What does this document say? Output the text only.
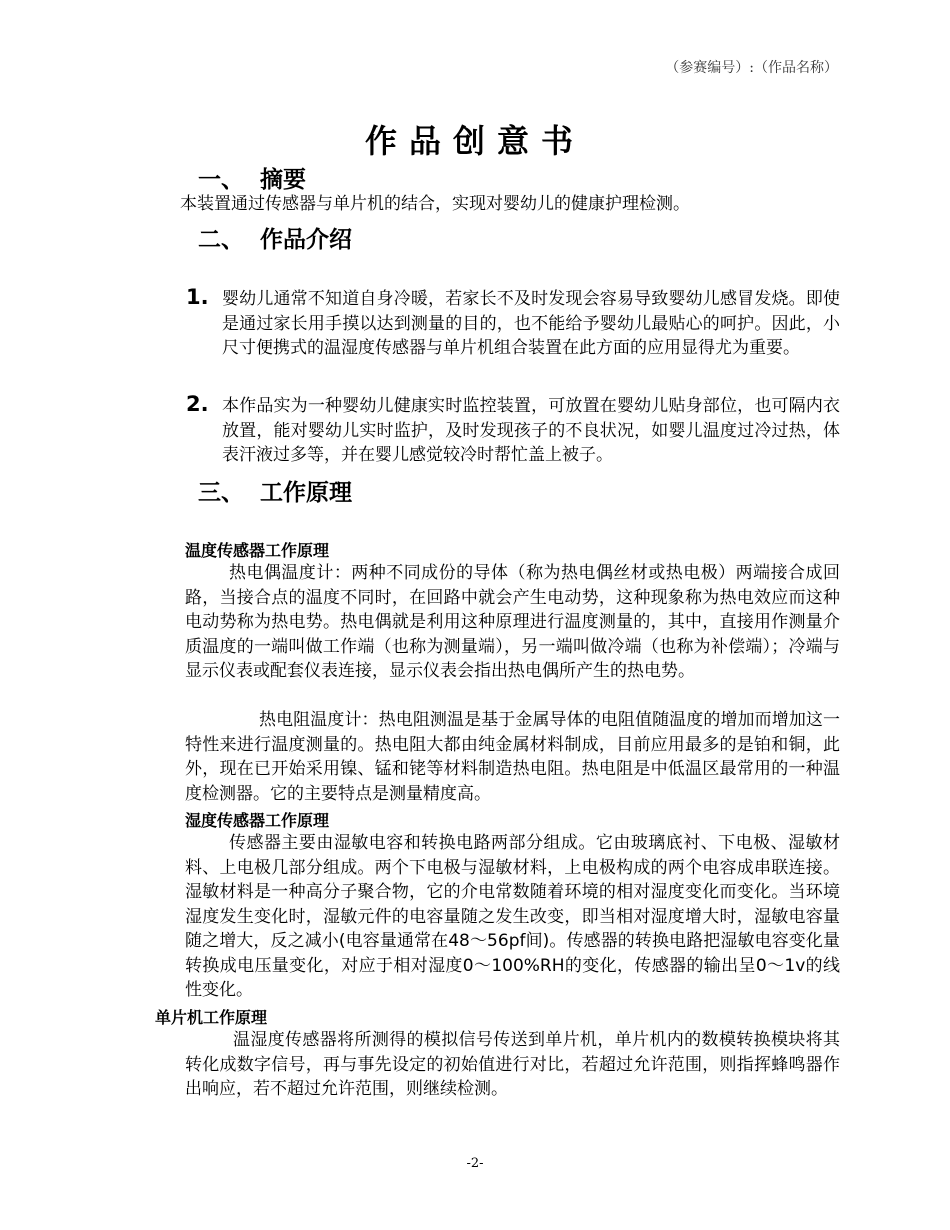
（参赛编号）:（作品名称）
作品创意书
一、 摘要
本装置通过传感器与单片机的结合，实现对婴幼儿的健康护理检测。
二、 作品介绍
1. 婴幼儿通常不知道自身冷暖，若家长不及时发现会容易导致婴幼儿感冒发烧。即使是通过家长用手摸以达到测量的目的，也不能给予婴幼儿最贴心的呵护。因此，小尺寸便携式的温湿度传感器与单片机组合装置在此方面的应用显得尤为重要。
2. 本作品实为一种婴幼儿健康实时监控装置，可放置在婴幼儿贴身部位，也可隔内衣放置，能对婴幼儿实时监护，及时发现孩子的不良状况，如婴儿温度过冷过热，体表汗液过多等，并在婴儿感觉较冷时帮忙盖上被子。
三、 工作原理
温度传感器工作原理
热电偶温度计：两种不同成份的导体（称为热电偶丝材或热电极）两端接合成回路，当接合点的温度不同时，在回路中就会产生电动势，这种现象称为热电效应而这种电动势称为热电势。热电偶就是利用这种原理进行温度测量的，其中，直接用作测量介质温度的一端叫做工作端（也称为测量端），另一端叫做冷端（也称为补偿端）；冷端与显示仪表或配套仪表连接，显示仪表会指出热电偶所产生的热电势。
热电阻温度计：热电阻测温是基于金属导体的电阻值随温度的增加而增加这一特性来进行温度测量的。热电阻大都由纯金属材料制成，目前应用最多的是铂和铜，此外，现在已开始采用镍、锰和铑等材料制造热电阻。热电阻是中低温区最常用的一种温度检测器。它的主要特点是测量精度高。
湿度传感器工作原理
传感器主要由湿敏电容和转换电路两部分组成。它由玻璃底衬、下电极、湿敏材料、上电极几部分组成。两个下电极与湿敏材料，上电极构成的两个电容成串联连接。湿敏材料是一种高分子聚合物，它的介电常数随着环境的相对湿度变化而变化。当环境湿度发生变化时，湿敏元件的电容量随之发生改变，即当相对湿度增大时，湿敏电容量随之增大，反之减小(电容量通常在48～56pf间)。传感器的转换电路把湿敏电容变化量转换成电压量变化，对应于相对湿度0～100%RH的变化，传感器的输出呈0～1v的线性变化。
单片机工作原理
温湿度传感器将所测得的模拟信号传送到单片机，单片机内的数模转换模块将其转化成数字信号，再与事先设定的初始值进行对比，若超过允许范围，则指挥蜂鸣器作出响应，若不超过允许范围，则继续检测。
-2-
